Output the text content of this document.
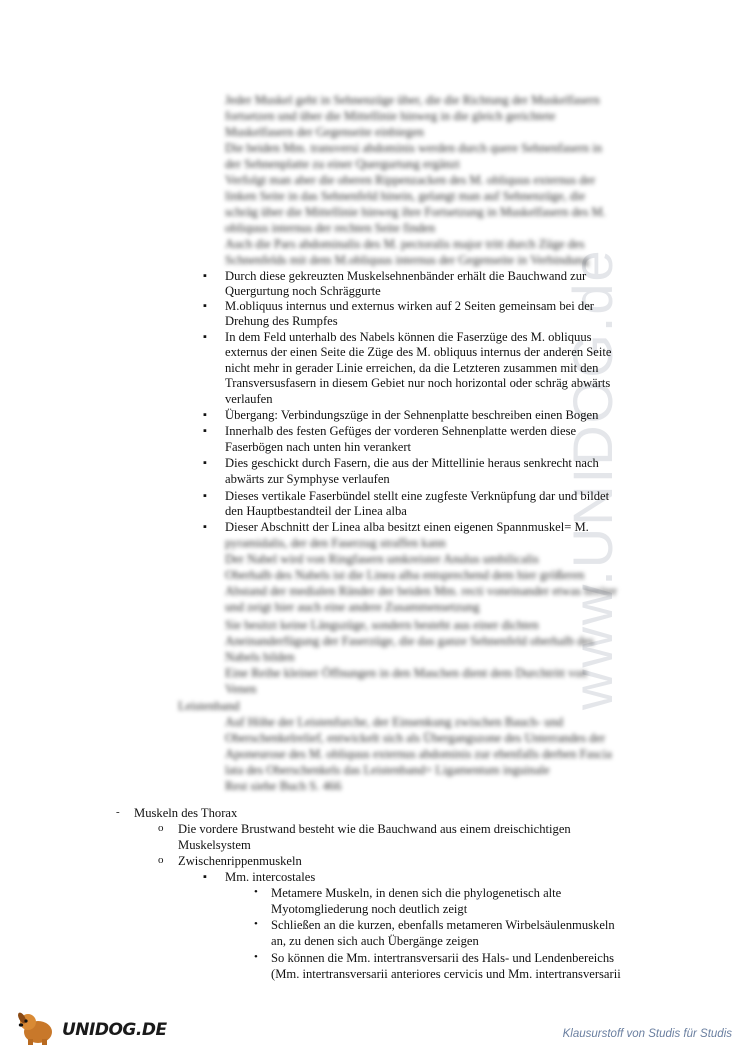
www.UNIDOG.de
Jeder Muskel geht in Sehnenzüge über, die die Richtung der Muskelfasern
fortsetzen und über die Mittellinie hinweg in die gleich gerichtete
Muskelfasern der Gegenseite einbiegen
Die beiden Mm. transversi abdominis werden durch quere Sehnenfasern in
der Sehnenplatte zu einer Quergurtung ergänzt
Verfolgt man aber die oberen Rippenzacken des M. obliquus externus der
linken Seite in das Sehnenfeld hinein, gelangt man auf Sehnenzüge, die
schräg über die Mittellinie hinweg ihre Fortsetzung in Muskelfasern des M.
obliquus internus der rechten Seite finden
Auch die Pars abdominalis des M. pectoralis major tritt durch Züge des
Schnenfelds mit dem M.obliquus internus der Gegenseite in Verbindung
▪ Durch diese gekreuzten Muskelsehnenbänder erhält die Bauchwand zur
Quergurtung noch Schräggurte
▪ M.obliquus internus und externus wirken auf 2 Seiten gemeinsam bei der
Drehung des Rumpfes
▪ In dem Feld unterhalb des Nabels können die Faserzüge des M. obliquus
externus der einen Seite die Züge des M. obliquus internus der anderen Seite
nicht mehr in gerader Linie erreichen, da die Letzteren zusammen mit den
Transversusfasern in diesem Gebiet nur noch horizontal oder schräg abwärts
verlaufen
▪ Übergang: Verbindungszüge in der Sehnenplatte beschreiben einen Bogen
▪ Innerhalb des festen Gefüges der vorderen Sehnenplatte werden diese
Faserbögen nach unten hin verankert
▪ Dies geschickt durch Fasern, die aus der Mittellinie heraus senkrecht nach
abwärts zur Symphyse verlaufen
▪ Dieses vertikale Faserbündel stellt eine zugfeste Verknüpfung dar und bildet
den Hauptbestandteil der Linea alba
▪ Dieser Abschnitt der Linea alba besitzt einen eigenen Spannmuskel= M.
pyramidalis, der den Faserzug straffen kann
Der Nabel wird von Ringfasern umkreister Anulus umbilicalis
Oberhalb des Nabels ist die Linea alba entsprechend dem hier größeren
Abstand der medialen Ränder der beiden Mm. recti voneinander etwas breiter
und zeigt hier auch eine andere Zusammensetzung
Sie besitzt keine Längszüge, sondern besteht aus einer dichten
Aneinanderfügung der Faserzüge, die das ganze Sehnenfeld oberhalb des
Nabels bilden
Eine Reihe kleiner Öffnungen in den Maschen dient dem Durchtritt von
Venen
Leistenband
Auf Höhe der Leistenfurche, der Einsenkung zwischen Bauch- und
Oberschenkelrelief, entwickelt sich als Übergangszone des Unterrandes der
Aponeurose des M. obliquus externus abdominis zur ebenfalls derben Fascia
lata des Oberschenkels das Leistenband= Ligamentum inguinale
Rest siehe Buch S. 466
- Muskeln des Thorax
o Die vordere Brustwand besteht wie die Bauchwand aus einem dreischichtigen
Muskelsystem
o Zwischenrippenmuskeln
▪ Mm. intercostales
• Metamere Muskeln, in denen sich die phylogenetisch alte
Myotomgliederung noch deutlich zeigt
• Schließen an die kurzen, ebenfalls metameren Wirbelsäulenmuskeln
an, zu denen sich auch Übergänge zeigen
• So können die Mm. intertransversarii des Hals- und Lendenbereichs
(Mm. intertransversarii anteriores cervicis und Mm. intertransversarii
UNIDOG.DE	Klausurstoff von Studis für Studis
